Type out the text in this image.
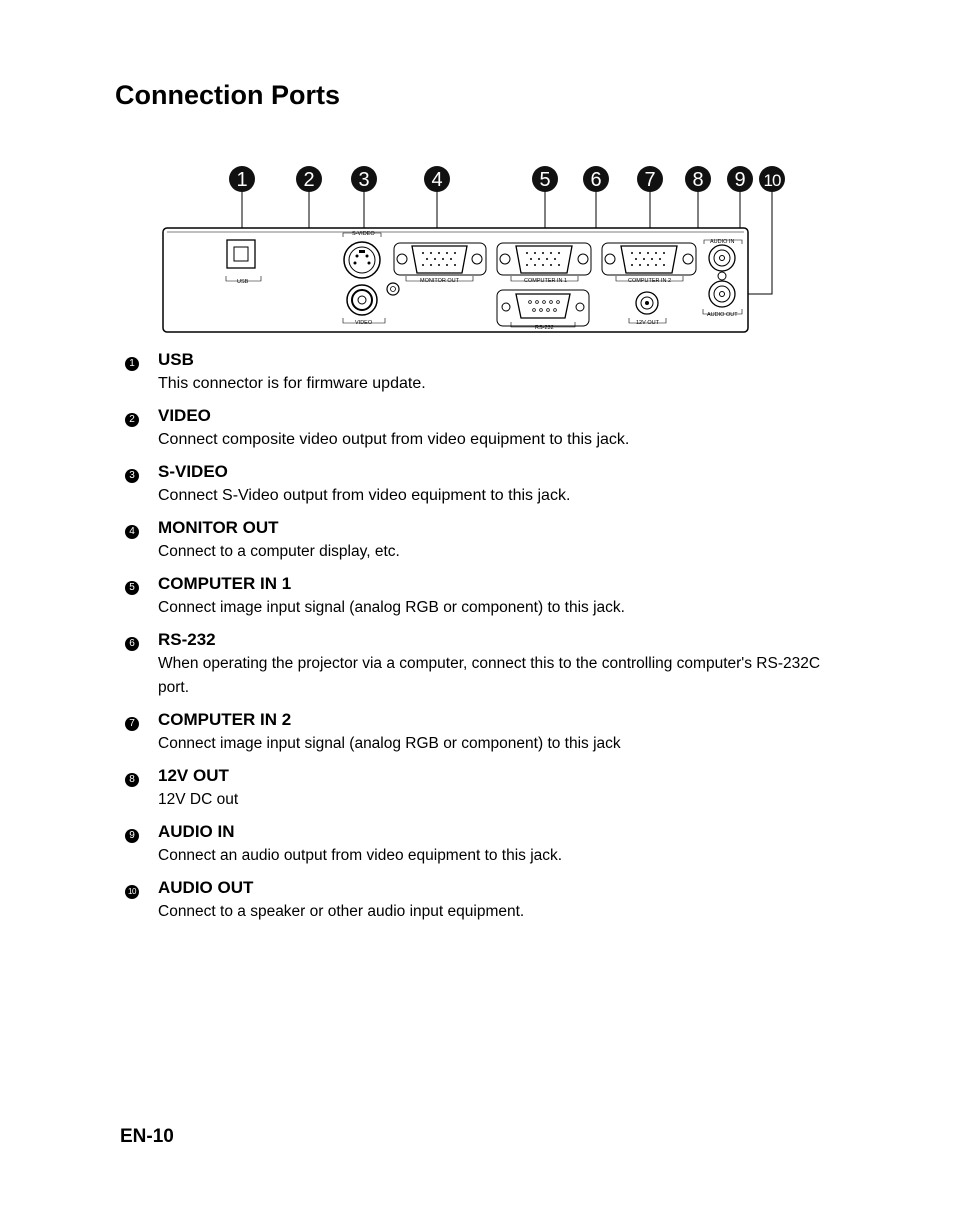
Connection Ports
USB
S-VIDEO
VIDEO
MONITOR OUT	COMPUTER IN 1
RS-232
COMPUTER IN 2
12V OUT
AUDIO IN
AUDIO OUT
1	2 3	4	5 6 7 8 9 10
1 USB
This connector is for firmware update.
2 VIDEO
Connect composite video output from video equipment to this jack.
3 S-VIDEO
Connect S-Video output from video equipment to this jack.
4 MONITOR OUT
Connect to a computer display, etc.
5 COMPUTER IN 1
Connect image input signal (analog RGB or component) to this jack.
6 RS-232
When operating the projector via a computer, connect this to the controlling computer's RS-232C port.
7 COMPUTER IN 2
Connect image input signal (analog RGB or component) to this jack
8 12V OUT
12V DC out
9 AUDIO IN
Connect an audio output from video equipment to this jack.
10 AUDIO OUT
Connect to a speaker or other audio input equipment.
EN-10
